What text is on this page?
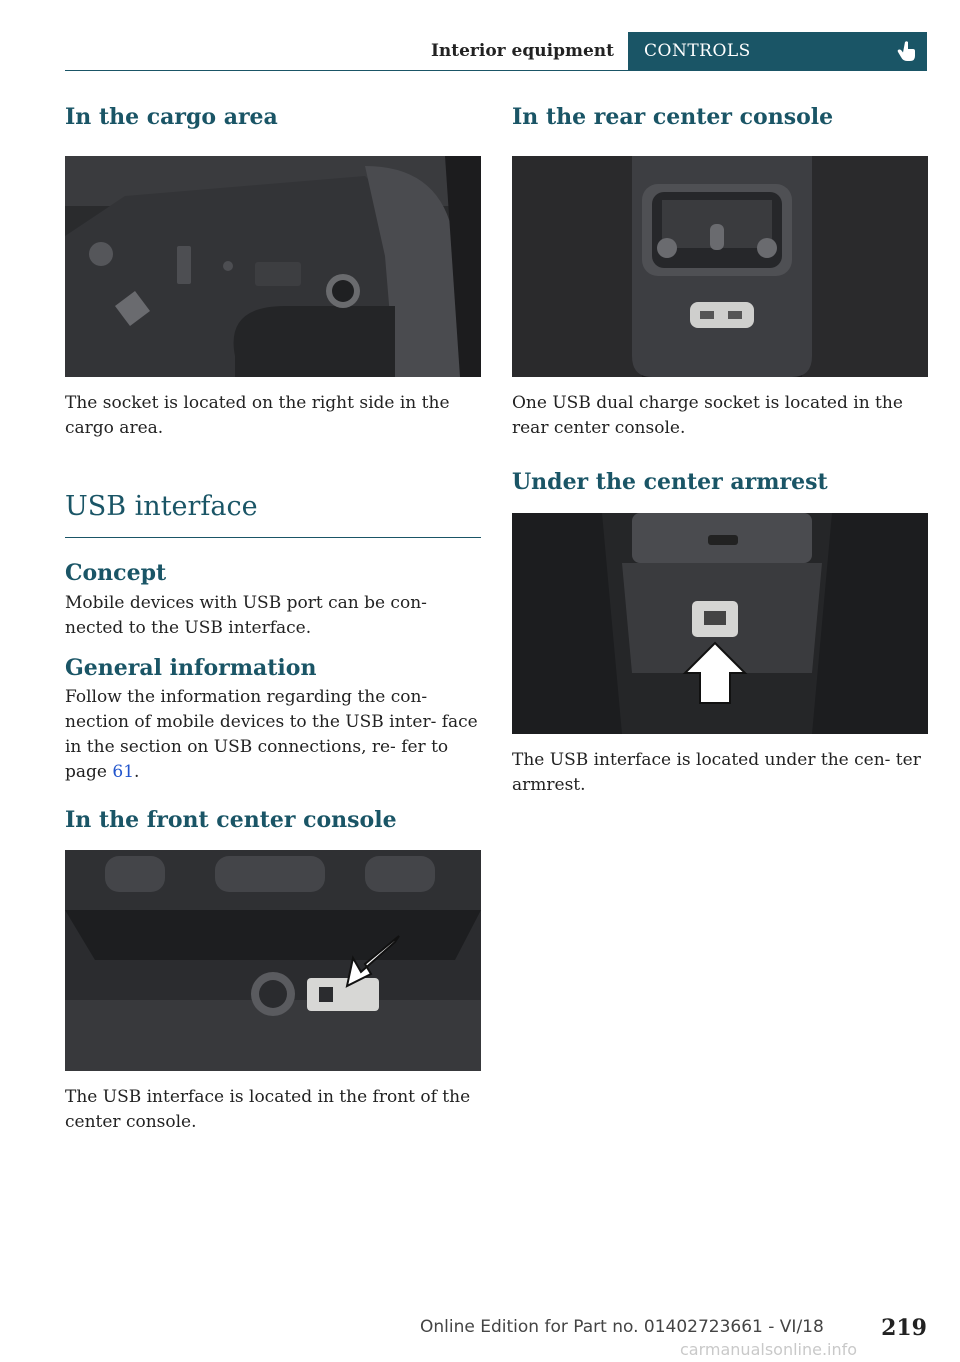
Interior equipment	CONTROLS
In the cargo area

The socket is located on the right side in the cargo area.

USB interface
Concept

Mobile devices with USB port can be con- nected to the USB interface.

General information

Follow the information regarding the con- nection of mobile devices to the USB inter- face in the section on USB connections, re- fer to page 61.

In the front center console

The USB interface is located in the front of the center console.

In the rear center console

One USB dual charge socket is located in the rear center console.

Under the center armrest

The USB interface is located under the cen- ter armrest.

Online Edition for Part no. 01402723661 - VI/18	219
carmanualsonline.info
